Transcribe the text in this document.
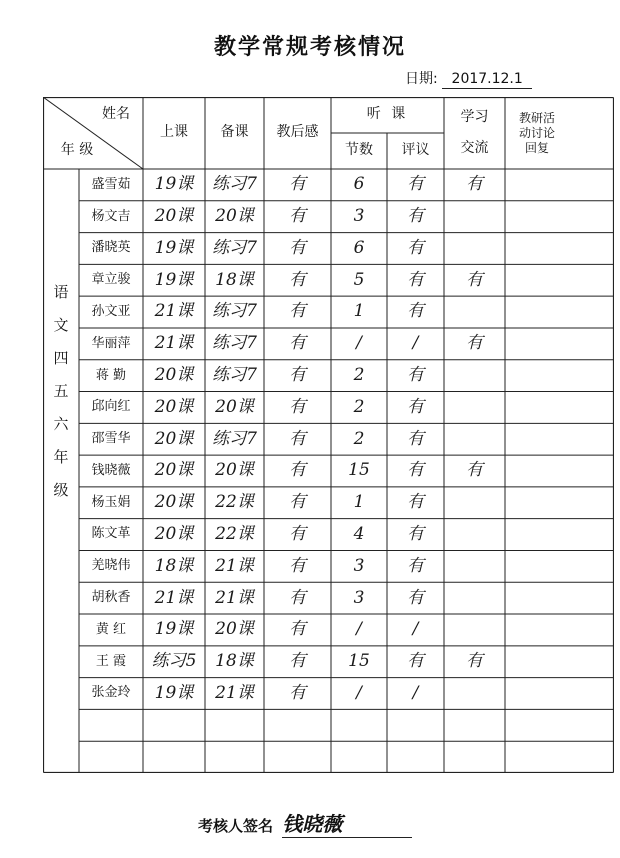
教学常规考核情况
日期: 2017.12.1
姓名
年 级
上课	备课	教后感
听 课
节数	评议
学习
交流
教研活
动讨论
回复
语
文
四
五
六
年
级
盛雪茹	19课	练习7	有	6	有	有
杨文吉	20课	20课	有	3	有
潘晓英	19课	练习7	有	6	有
章立骏	19课	18课	有	5	有	有
孙文亚	21课	练习7	有	1	有
华丽萍	21课	练习7	有	/	/	有
蒋 勤	20课	练习7	有	2	有
邱向红	20课	20课	有	2	有
邵雪华	20课	练习7	有	2	有
钱晓薇	20课	20课	有	15	有	有
杨玉娟	20课	22课	有	1	有
陈文革	20课	22课	有	4	有
羌晓伟	18课	21课	有	3	有
胡秋香	21课	21课	有	3	有
黄 红	19课	20课	有	/	/
王 霞	练习5	18课	有	15	有	有
张金玲	19课	21课	有	/	/
考核人签名 钱晓薇
